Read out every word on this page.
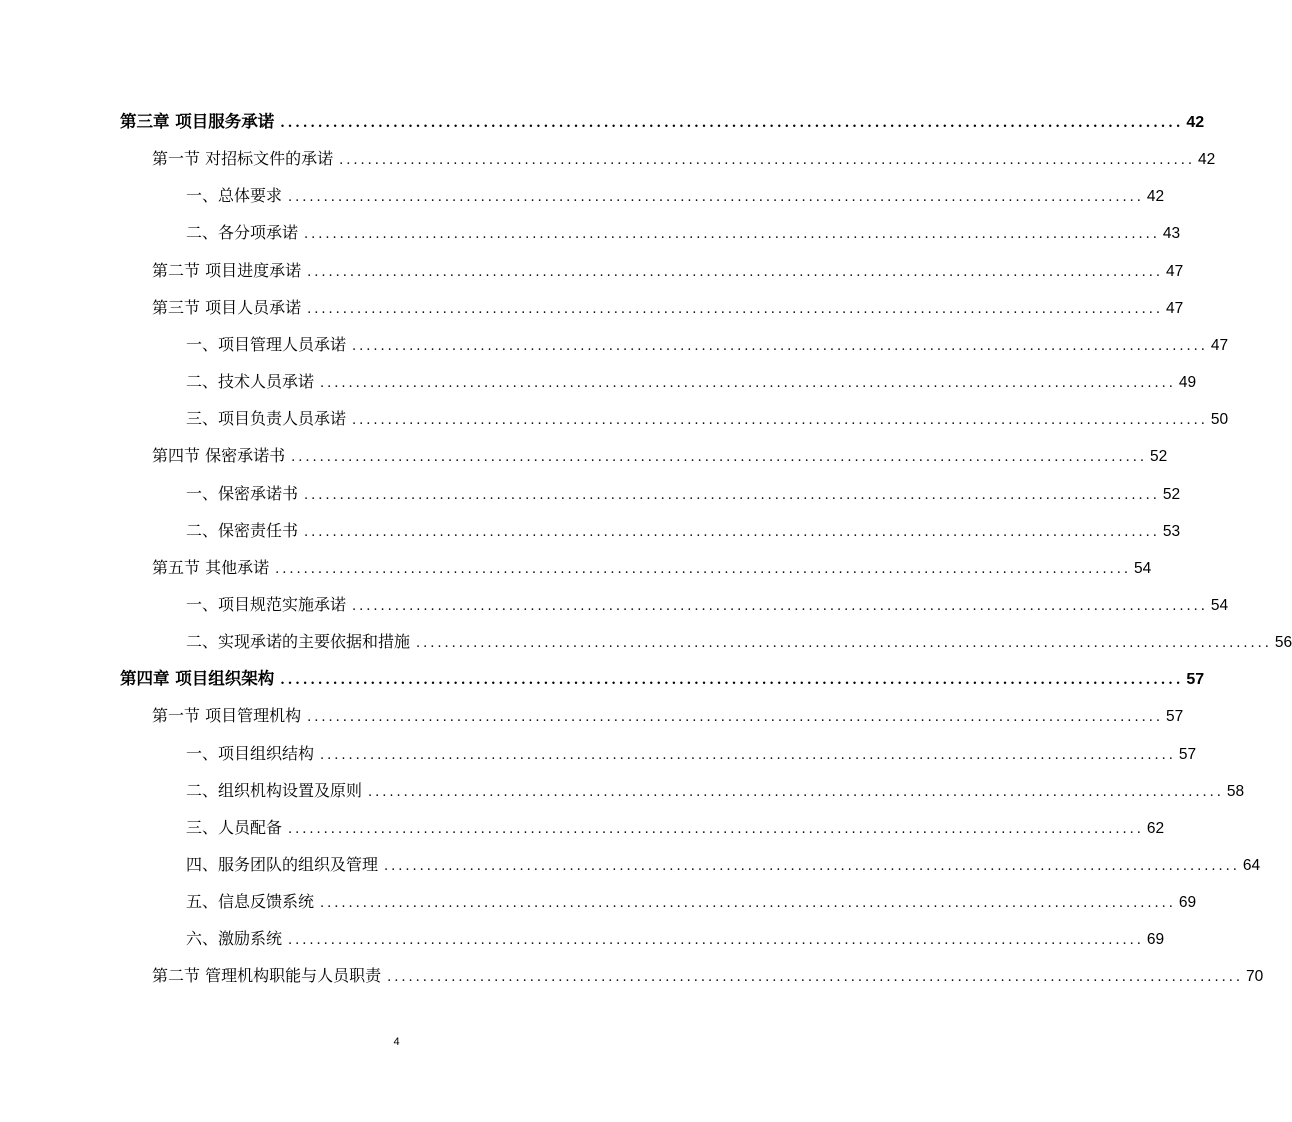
第三章 项目服务承诺 ........................................................................................................................ 42
第一节 对招标文件的承诺 ........................................................................................................................ 42
一、总体要求 ........................................................................................................................ 42
二、各分项承诺 ........................................................................................................................ 43
第二节 项目进度承诺 ........................................................................................................................ 47
第三节 项目人员承诺 ........................................................................................................................ 47
一、项目管理人员承诺 ........................................................................................................................ 47
二、技术人员承诺 ........................................................................................................................ 49
三、项目负责人员承诺 ........................................................................................................................ 50
第四节 保密承诺书 ........................................................................................................................ 52
一、保密承诺书 ........................................................................................................................ 52
二、保密责任书 ........................................................................................................................ 53
第五节 其他承诺 ........................................................................................................................ 54
一、项目规范实施承诺 ........................................................................................................................ 54
二、实现承诺的主要依据和措施 ........................................................................................................................ 56
第四章 项目组织架构 ........................................................................................................................ 57
第一节 项目管理机构 ........................................................................................................................ 57
一、项目组织结构 ........................................................................................................................ 57
二、组织机构设置及原则 ........................................................................................................................ 58
三、人员配备 ........................................................................................................................ 62
四、服务团队的组织及管理 ........................................................................................................................ 64
五、信息反馈系统 ........................................................................................................................ 69
六、激励系统 ........................................................................................................................ 69
第二节 管理机构职能与人员职责 ........................................................................................................................ 70
4
